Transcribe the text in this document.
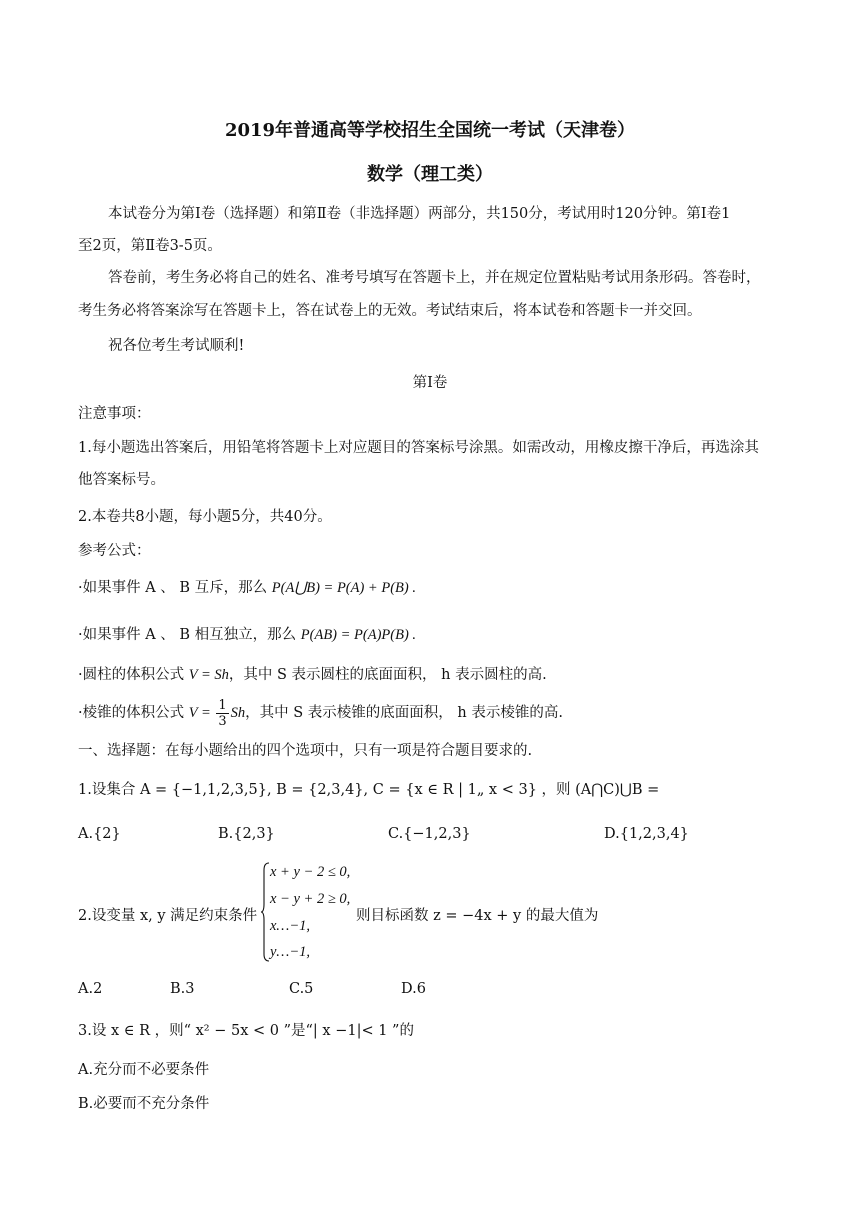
2019年普通高等学校招生全国统一考试（天津卷）
数学（理工类）
本试卷分为第Ⅰ卷（选择题）和第Ⅱ卷（非选择题）两部分，共150分，考试用时120分钟。第Ⅰ卷1
至2页，第Ⅱ卷3-5页。
答卷前，考生务必将自己的姓名、准考号填写在答题卡上，并在规定位置粘贴考试用条形码。答卷时，
考生务必将答案涂写在答题卡上，答在试卷上的无效。考试结束后，将本试卷和答题卡一并交回。
祝各位考生考试顺利!
第Ⅰ卷
注意事项：
1.每小题选出答案后，用铅笔将答题卡上对应题目的答案标号涂黑。如需改动，用橡皮擦干净后，再选涂其
他答案标号。
2.本卷共8小题，每小题5分，共40分。
参考公式：
·如果事件 A 、 B 互斥，那么 P(A⋃B) = P(A) + P(B) .
·如果事件 A 、 B 相互独立，那么 P(AB) = P(A)P(B) .
·圆柱的体积公式 V = Sh，其中 S 表示圆柱的底面面积， h 表示圆柱的高.
·棱锥的体积公式 $V = \frac{1}{3}$ Sh，其中 S 表示棱锥的底面面积， h 表示棱锥的高.
一、选择题：在每小题给出的四个选项中，只有一项是符合题目要求的.
1.设集合 A = {−1,1,2,3,5}, B = {2,3,4}, C = {x ∈ R | 1„ x < 3} ，则 (A⋂C)⋃B =
A.{2}	B.{2,3}	C.{−1,2,3}	D.{1,2,3,4}
2.设变量 x, y 满足约束条件
x + y − 2 ≤ 0,
x − y + 2 ≥ 0,
x…−1,
y…−1,
则目标函数 z = −4x + y 的最大值为
A.2	B.3	C.5	D.6
3.设 x ∈ R ，则“ x² − 5x < 0 ”是“| x −1|< 1 ”的
A.充分而不必要条件
B.必要而不充分条件
